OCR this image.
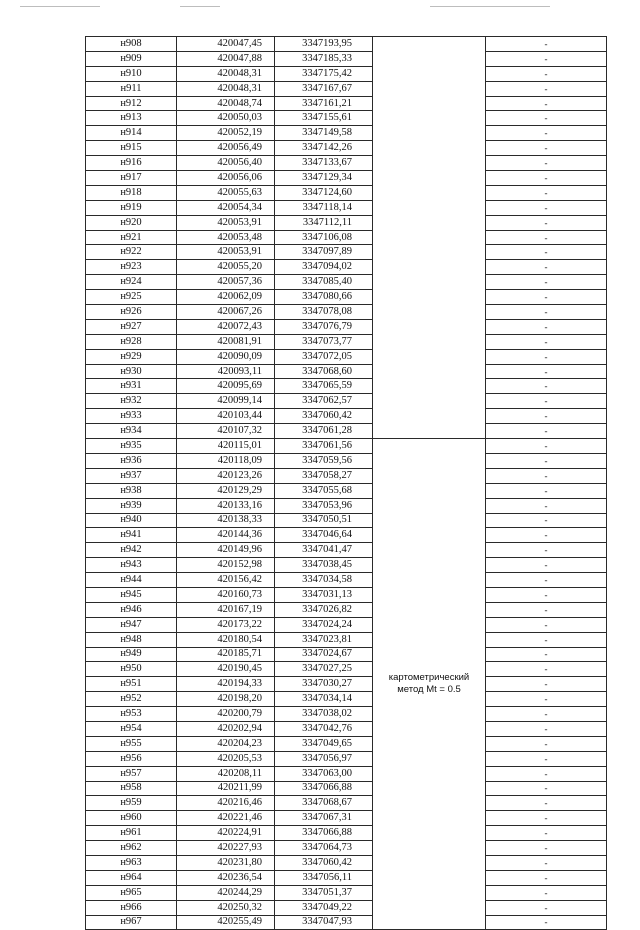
н908	420047,45	3347193,95		-
н909	420047,88	3347185,33		-
н910	420048,31	3347175,42		-
н911	420048,31	3347167,67		-
н912	420048,74	3347161,21		-
н913	420050,03	3347155,61		-
н914	420052,19	3347149,58		-
н915	420056,49	3347142,26		-
н916	420056,40	3347133,67		-
н917	420056,06	3347129,34		-
н918	420055,63	3347124,60		-
н919	420054,34	3347118,14		-
н920	420053,91	3347112,11		-
н921	420053,48	3347106,08		-
н922	420053,91	3347097,89		-
н923	420055,20	3347094,02		-
н924	420057,36	3347085,40		-
н925	420062,09	3347080,66		-
н926	420067,26	3347078,08		-
н927	420072,43	3347076,79		-
н928	420081,91	3347073,77		-
н929	420090,09	3347072,05		-
н930	420093,11	3347068,60		-
н931	420095,69	3347065,59		-
н932	420099,14	3347062,57		-
н933	420103,44	3347060,42		-
н934	420107,32	3347061,28		-
н935	420115,01	3347061,56	картометрический метод Mt = 0.5	-
н936	420118,09	3347059,56		-
н937	420123,26	3347058,27		-
н938	420129,29	3347055,68		-
н939	420133,16	3347053,96		-
н940	420138,33	3347050,51		-
н941	420144,36	3347046,64		-
н942	420149,96	3347041,47		-
н943	420152,98	3347038,45		-
н944	420156,42	3347034,58		-
н945	420160,73	3347031,13		-
н946	420167,19	3347026,82		-
н947	420173,22	3347024,24		-
н948	420180,54	3347023,81		-
н949	420185,71	3347024,67		-
н950	420190,45	3347027,25		-
н951	420194,33	3347030,27		-
н952	420198,20	3347034,14		-
н953	420200,79	3347038,02		-
н954	420202,94	3347042,76		-
н955	420204,23	3347049,65		-
н956	420205,53	3347056,97		-
н957	420208,11	3347063,00		-
н958	420211,99	3347066,88		-
н959	420216,46	3347068,67		-
н960	420221,46	3347067,31		-
н961	420224,91	3347066,88		-
н962	420227,93	3347064,73		-
н963	420231,80	3347060,42		-
н964	420236,54	3347056,11		-
н965	420244,29	3347051,37		-
н966	420250,32	3347049,22		-
н967	420255,49	3347047,93		-
